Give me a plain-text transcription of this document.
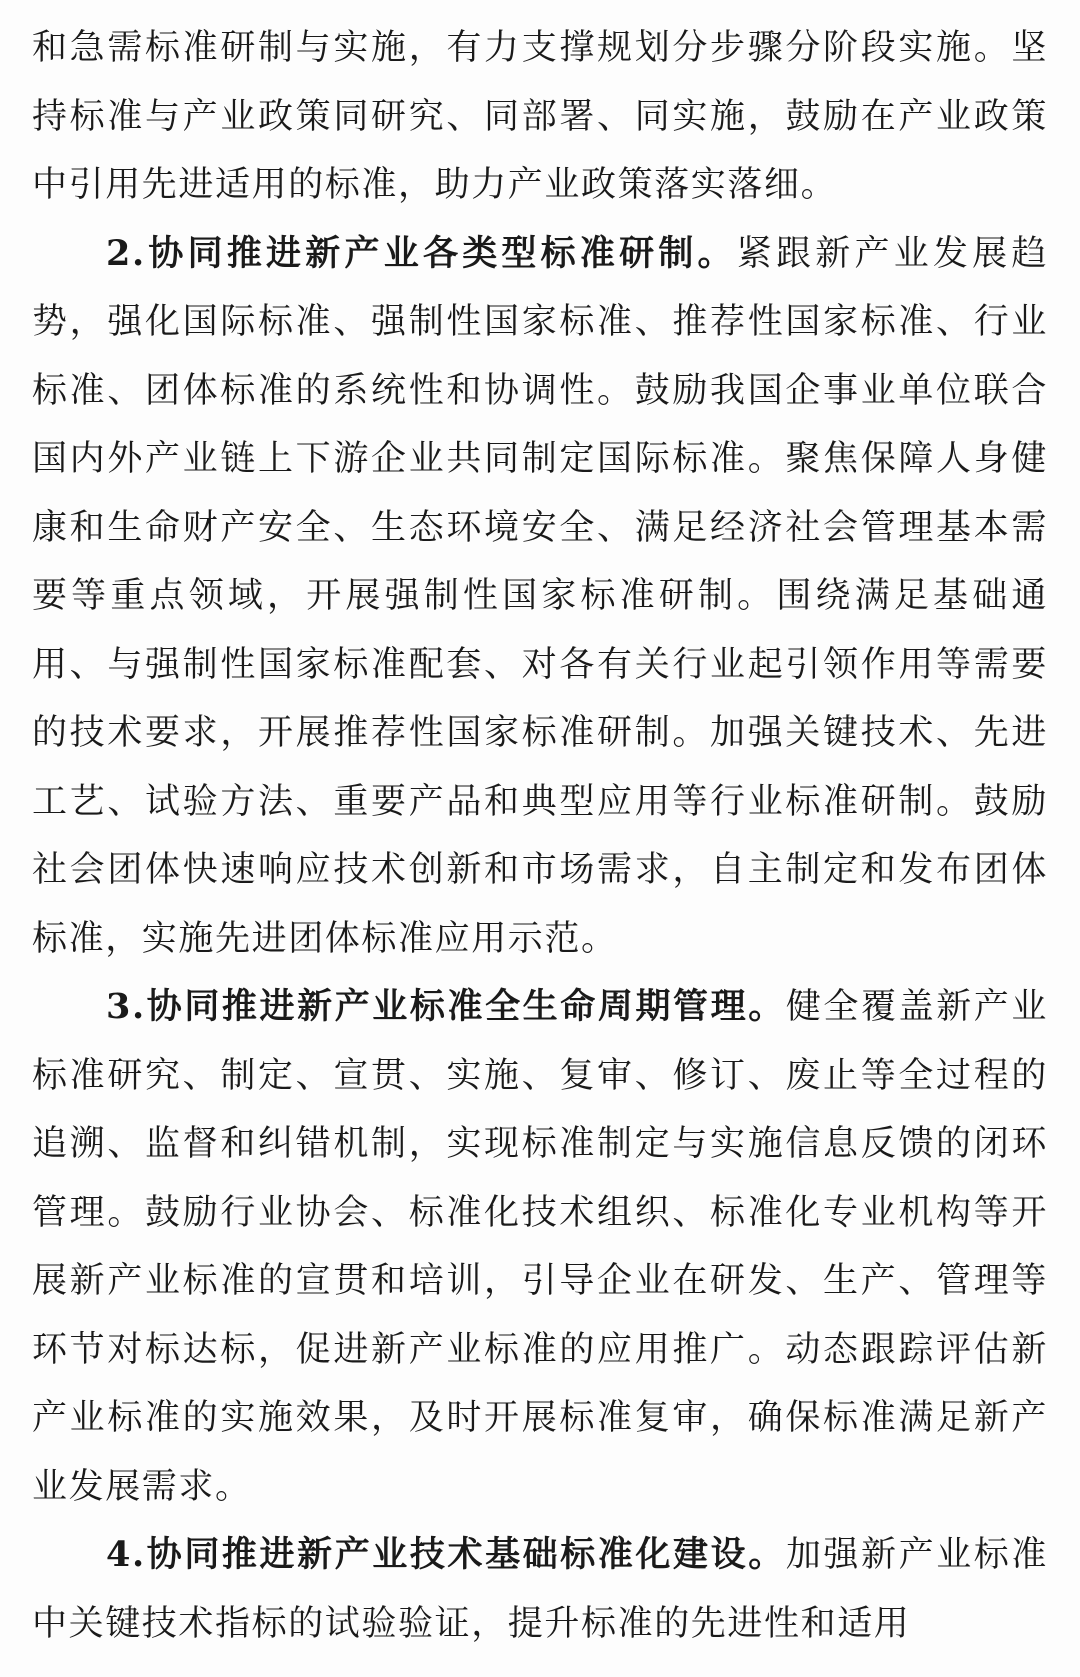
和急需标准研制与实施，有力支撑规划分步骤分阶段实施。坚持标准与产业政策同研究、同部署、同实施，鼓励在产业政策中引用先进适用的标准，助力产业政策落实落细。

2.协同推进新产业各类型标准研制。紧跟新产业发展趋势，强化国际标准、强制性国家标准、推荐性国家标准、行业标准、团体标准的系统性和协调性。鼓励我国企事业单位联合国内外产业链上下游企业共同制定国际标准。聚焦保障人身健康和生命财产安全、生态环境安全、满足经济社会管理基本需要等重点领域，开展强制性国家标准研制。围绕满足基础通用、与强制性国家标准配套、对各有关行业起引领作用等需要的技术要求，开展推荐性国家标准研制。加强关键技术、先进工艺、试验方法、重要产品和典型应用等行业标准研制。鼓励社会团体快速响应技术创新和市场需求，自主制定和发布团体标准，实施先进团体标准应用示范。

3.协同推进新产业标准全生命周期管理。健全覆盖新产业标准研究、制定、宣贯、实施、复审、修订、废止等全过程的追溯、监督和纠错机制，实现标准制定与实施信息反馈的闭环管理。鼓励行业协会、标准化技术组织、标准化专业机构等开展新产业标准的宣贯和培训，引导企业在研发、生产、管理等环节对标达标，促进新产业标准的应用推广。动态跟踪评估新产业标准的实施效果，及时开展标准复审，确保标准满足新产业发展需求。

4.协同推进新产业技术基础标准化建设。加强新产业标准中关键技术指标的试验验证，提升标准的先进性和适用
